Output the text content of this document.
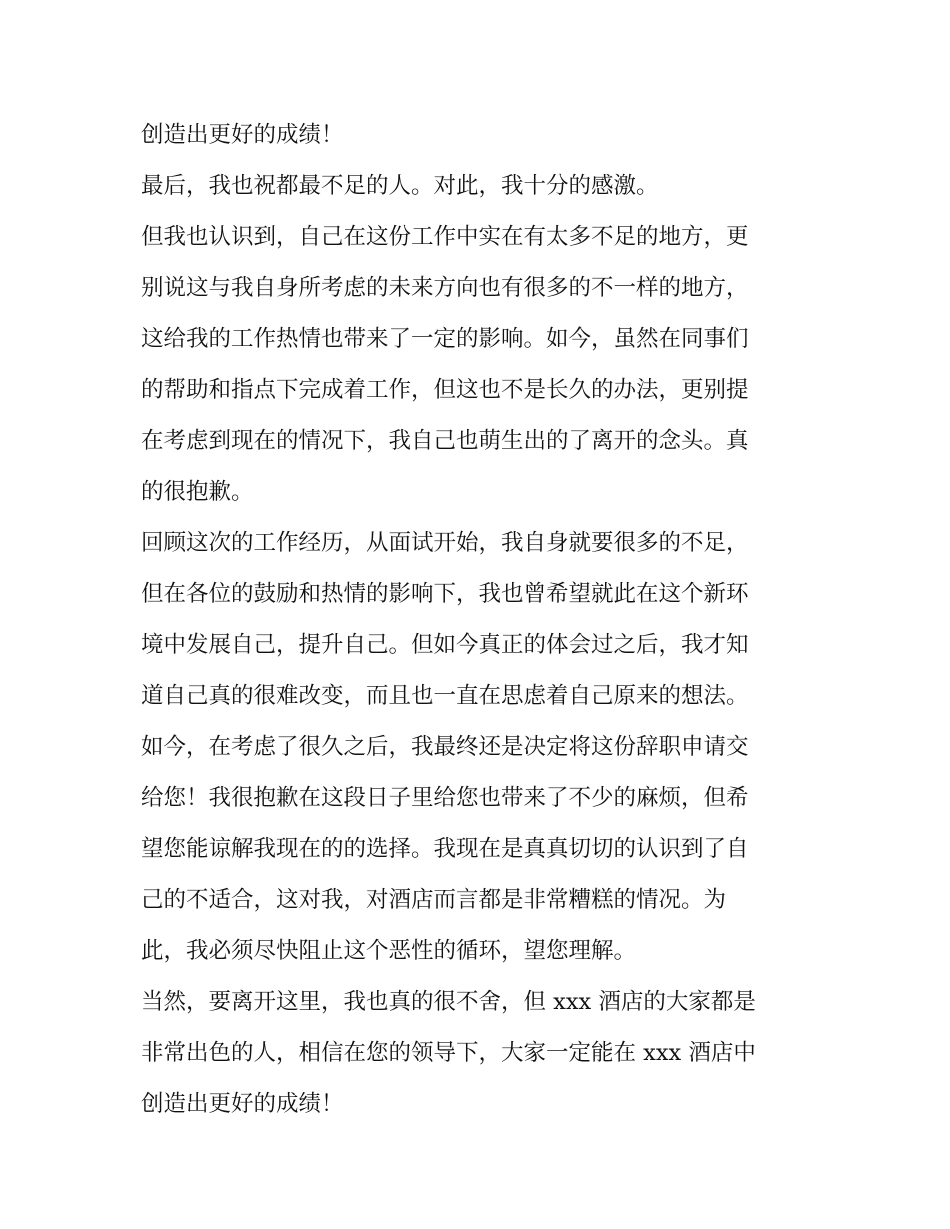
创造出更好的成绩！
最后，我也祝都最不足的人。对此，我十分的感激。
但我也认识到，自己在这份工作中实在有太多不足的地方，更
别说这与我自身所考虑的未来方向也有很多的不一样的地方，
这给我的工作热情也带来了一定的影响。如今，虽然在同事们
的帮助和指点下完成着工作，但这也不是长久的办法，更别提
在考虑到现在的情况下，我自己也萌生出的了离开的念头。真
的很抱歉。
回顾这次的工作经历，从面试开始，我自身就要很多的不足，
但在各位的鼓励和热情的影响下，我也曾希望就此在这个新环
境中发展自己，提升自己。但如今真正的体会过之后，我才知
道自己真的很难改变，而且也一直在思虑着自己原来的想法。
如今，在考虑了很久之后，我最终还是决定将这份辞职申请交
给您！我很抱歉在这段日子里给您也带来了不少的麻烦，但希
望您能谅解我现在的的选择。我现在是真真切切的认识到了自
己的不适合，这对我，对酒店而言都是非常糟糕的情况。为
此，我必须尽快阻止这个恶性的循环，望您理解。
当然，要离开这里，我也真的很不舍，但 xxx 酒店的大家都是
非常出色的人，相信在您的领导下，大家一定能在 xxx 酒店中
创造出更好的成绩！
